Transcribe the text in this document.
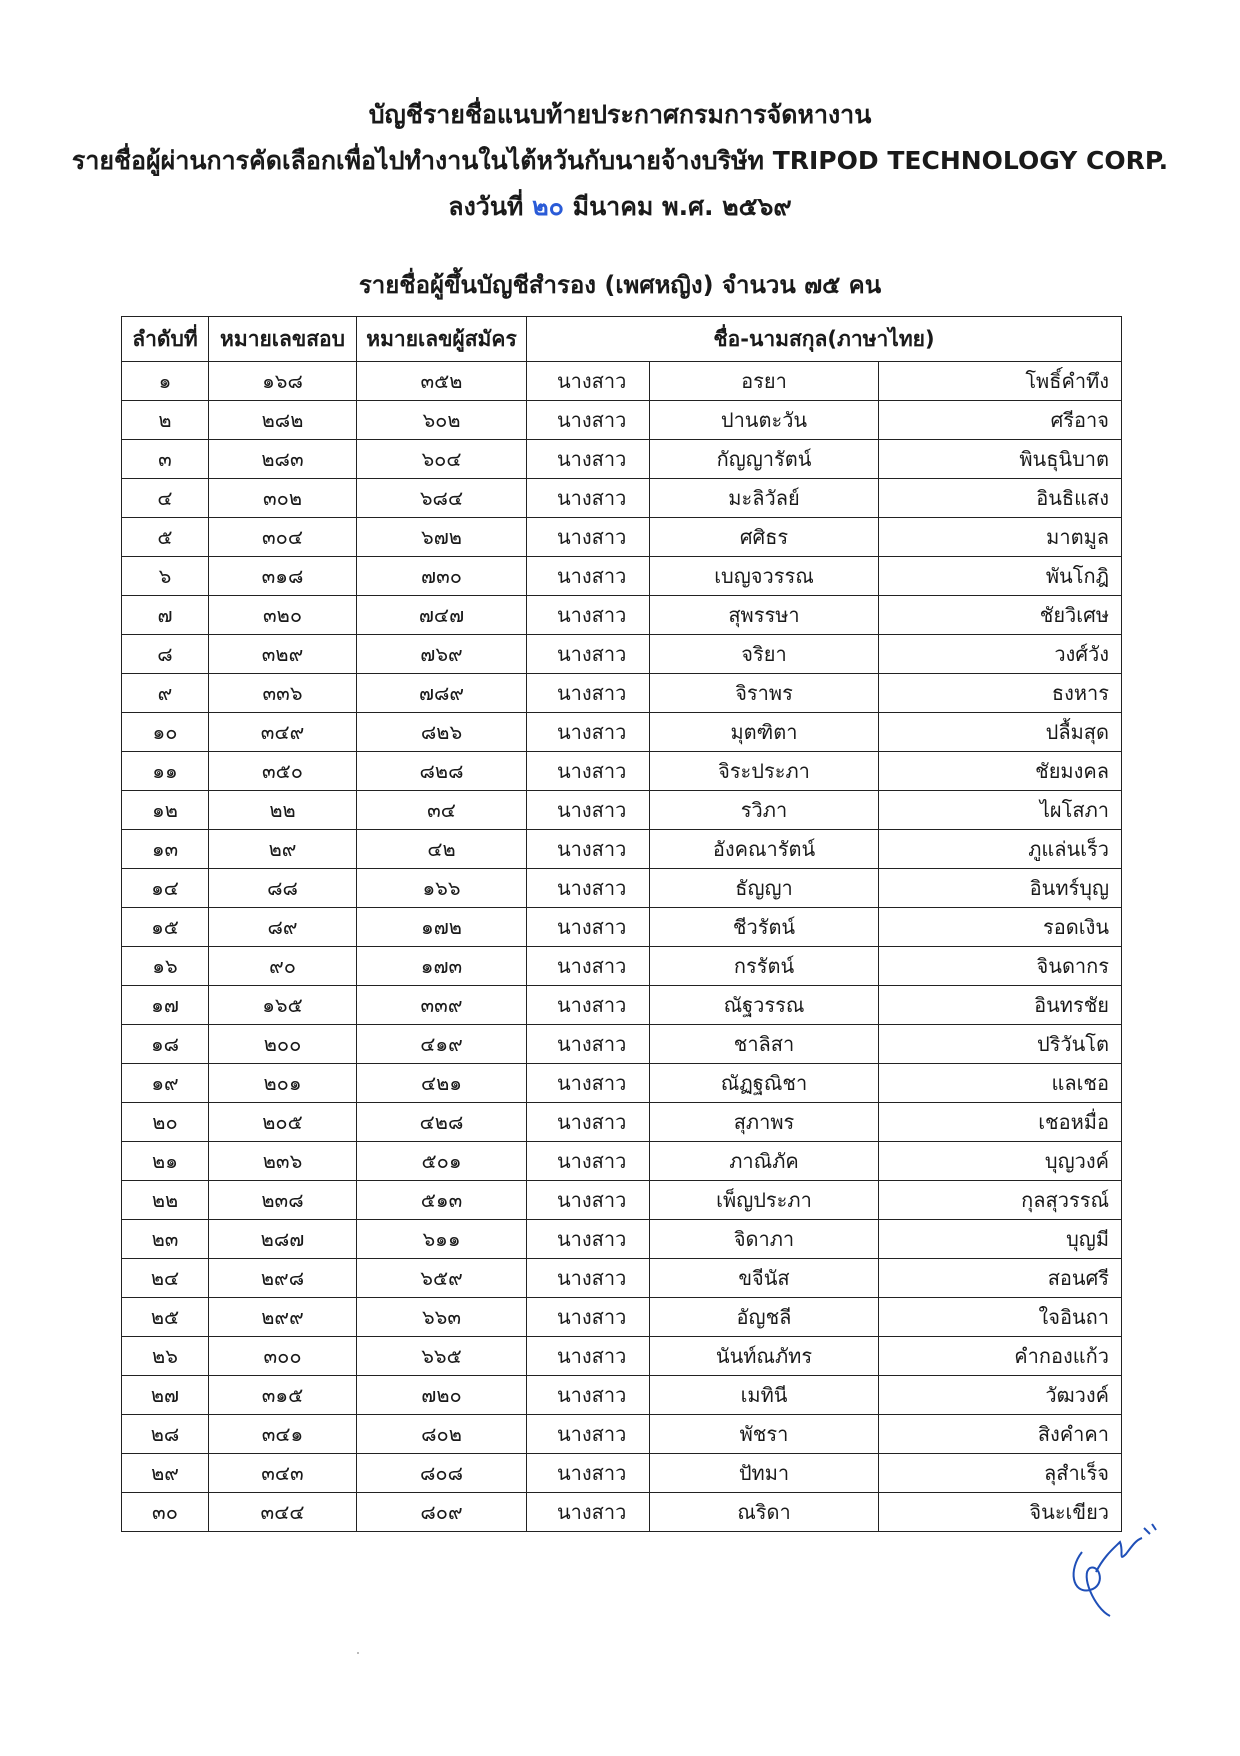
บัญชีรายชื่อแนบท้ายประกาศกรมการจัดหางาน
รายชื่อผู้ผ่านการคัดเลือกเพื่อไปทำงานในไต้หวันกับนายจ้างบริษัท TRIPOD TECHNOLOGY CORP.
ลงวันที่ ๒๐ มีนาคม พ.ศ. ๒๕๖๙
รายชื่อผู้ขึ้นบัญชีสำรอง (เพศหญิง) จำนวน ๗๕ คน
ลำดับที่	หมายเลขสอบ	หมายเลขผู้สมัคร	ชื่อ-นามสกุล(ภาษาไทย)		
๑	๑๖๘	๓๕๒	นางสาว	อรยา	โพธิ์คำทึง
๒	๒๘๒	๖๐๒	นางสาว	ปานตะวัน	ศรีอาจ
๓	๒๘๓	๖๐๔	นางสาว	กัญญารัตน์	พินธุนิบาต
๔	๓๐๒	๖๘๔	นางสาว	มะลิวัลย์	อินธิแสง
๕	๓๐๔	๖๗๒	นางสาว	ศศิธร	มาตมูล
๖	๓๑๘	๗๓๐	นางสาว	เบญจวรรณ	พันโกฎิ
๗	๓๒๐	๗๔๗	นางสาว	สุพรรษา	ชัยวิเศษ
๘	๓๒๙	๗๖๙	นางสาว	จริยา	วงศ์วัง
๙	๓๓๖	๗๘๙	นางสาว	จิราพร	ธงหาร
๑๐	๓๔๙	๘๒๖	นางสาว	มุตฑิตา	ปลื้มสุด
๑๑	๓๕๐	๘๒๘	นางสาว	จิระประภา	ชัยมงคล
๑๒	๒๒	๓๔	นางสาว	รวิภา	ไผโสภา
๑๓	๒๙	๔๒	นางสาว	อังคณารัตน์	ภูแล่นเร็ว
๑๔	๘๘	๑๖๖	นางสาว	ธัญญา	อินทร์บุญ
๑๕	๘๙	๑๗๒	นางสาว	ชีวรัตน์	รอดเงิน
๑๖	๙๐	๑๗๓	นางสาว	กรรัตน์	จินดากร
๑๗	๑๖๕	๓๓๙	นางสาว	ณัฐวรรณ	อินทรชัย
๑๘	๒๐๐	๔๑๙	นางสาว	ชาลิสา	ปริวันโต
๑๙	๒๐๑	๔๒๑	นางสาว	ณัฏฐณิชา	แลเชอ
๒๐	๒๐๕	๔๒๘	นางสาว	สุภาพร	เชอหมื่อ
๒๑	๒๓๖	๕๐๑	นางสาว	ภาณิภัค	บุญวงค์
๒๒	๒๓๘	๕๑๓	นางสาว	เพ็ญประภา	กุลสุวรรณ์
๒๓	๒๘๗	๖๑๑	นางสาว	จิดาภา	บุญมี
๒๔	๒๙๘	๖๕๙	นางสาว	ขจีนัส	สอนศรี
๒๕	๒๙๙	๖๖๓	นางสาว	อัญชลี	ใจอินถา
๒๖	๓๐๐	๖๖๕	นางสาว	นันท์ณภัทร	คำกองแก้ว
๒๗	๓๑๕	๗๒๐	นางสาว	เมทินี	วัฒวงค์
๒๘	๓๔๑	๘๐๒	นางสาว	พัชรา	สิงคำคา
๒๙	๓๔๓	๘๐๘	นางสาว	ปัทมา	ลุสำเร็จ
๓๐	๓๔๔	๘๐๙	นางสาว	ณริดา	จินะเขียว
